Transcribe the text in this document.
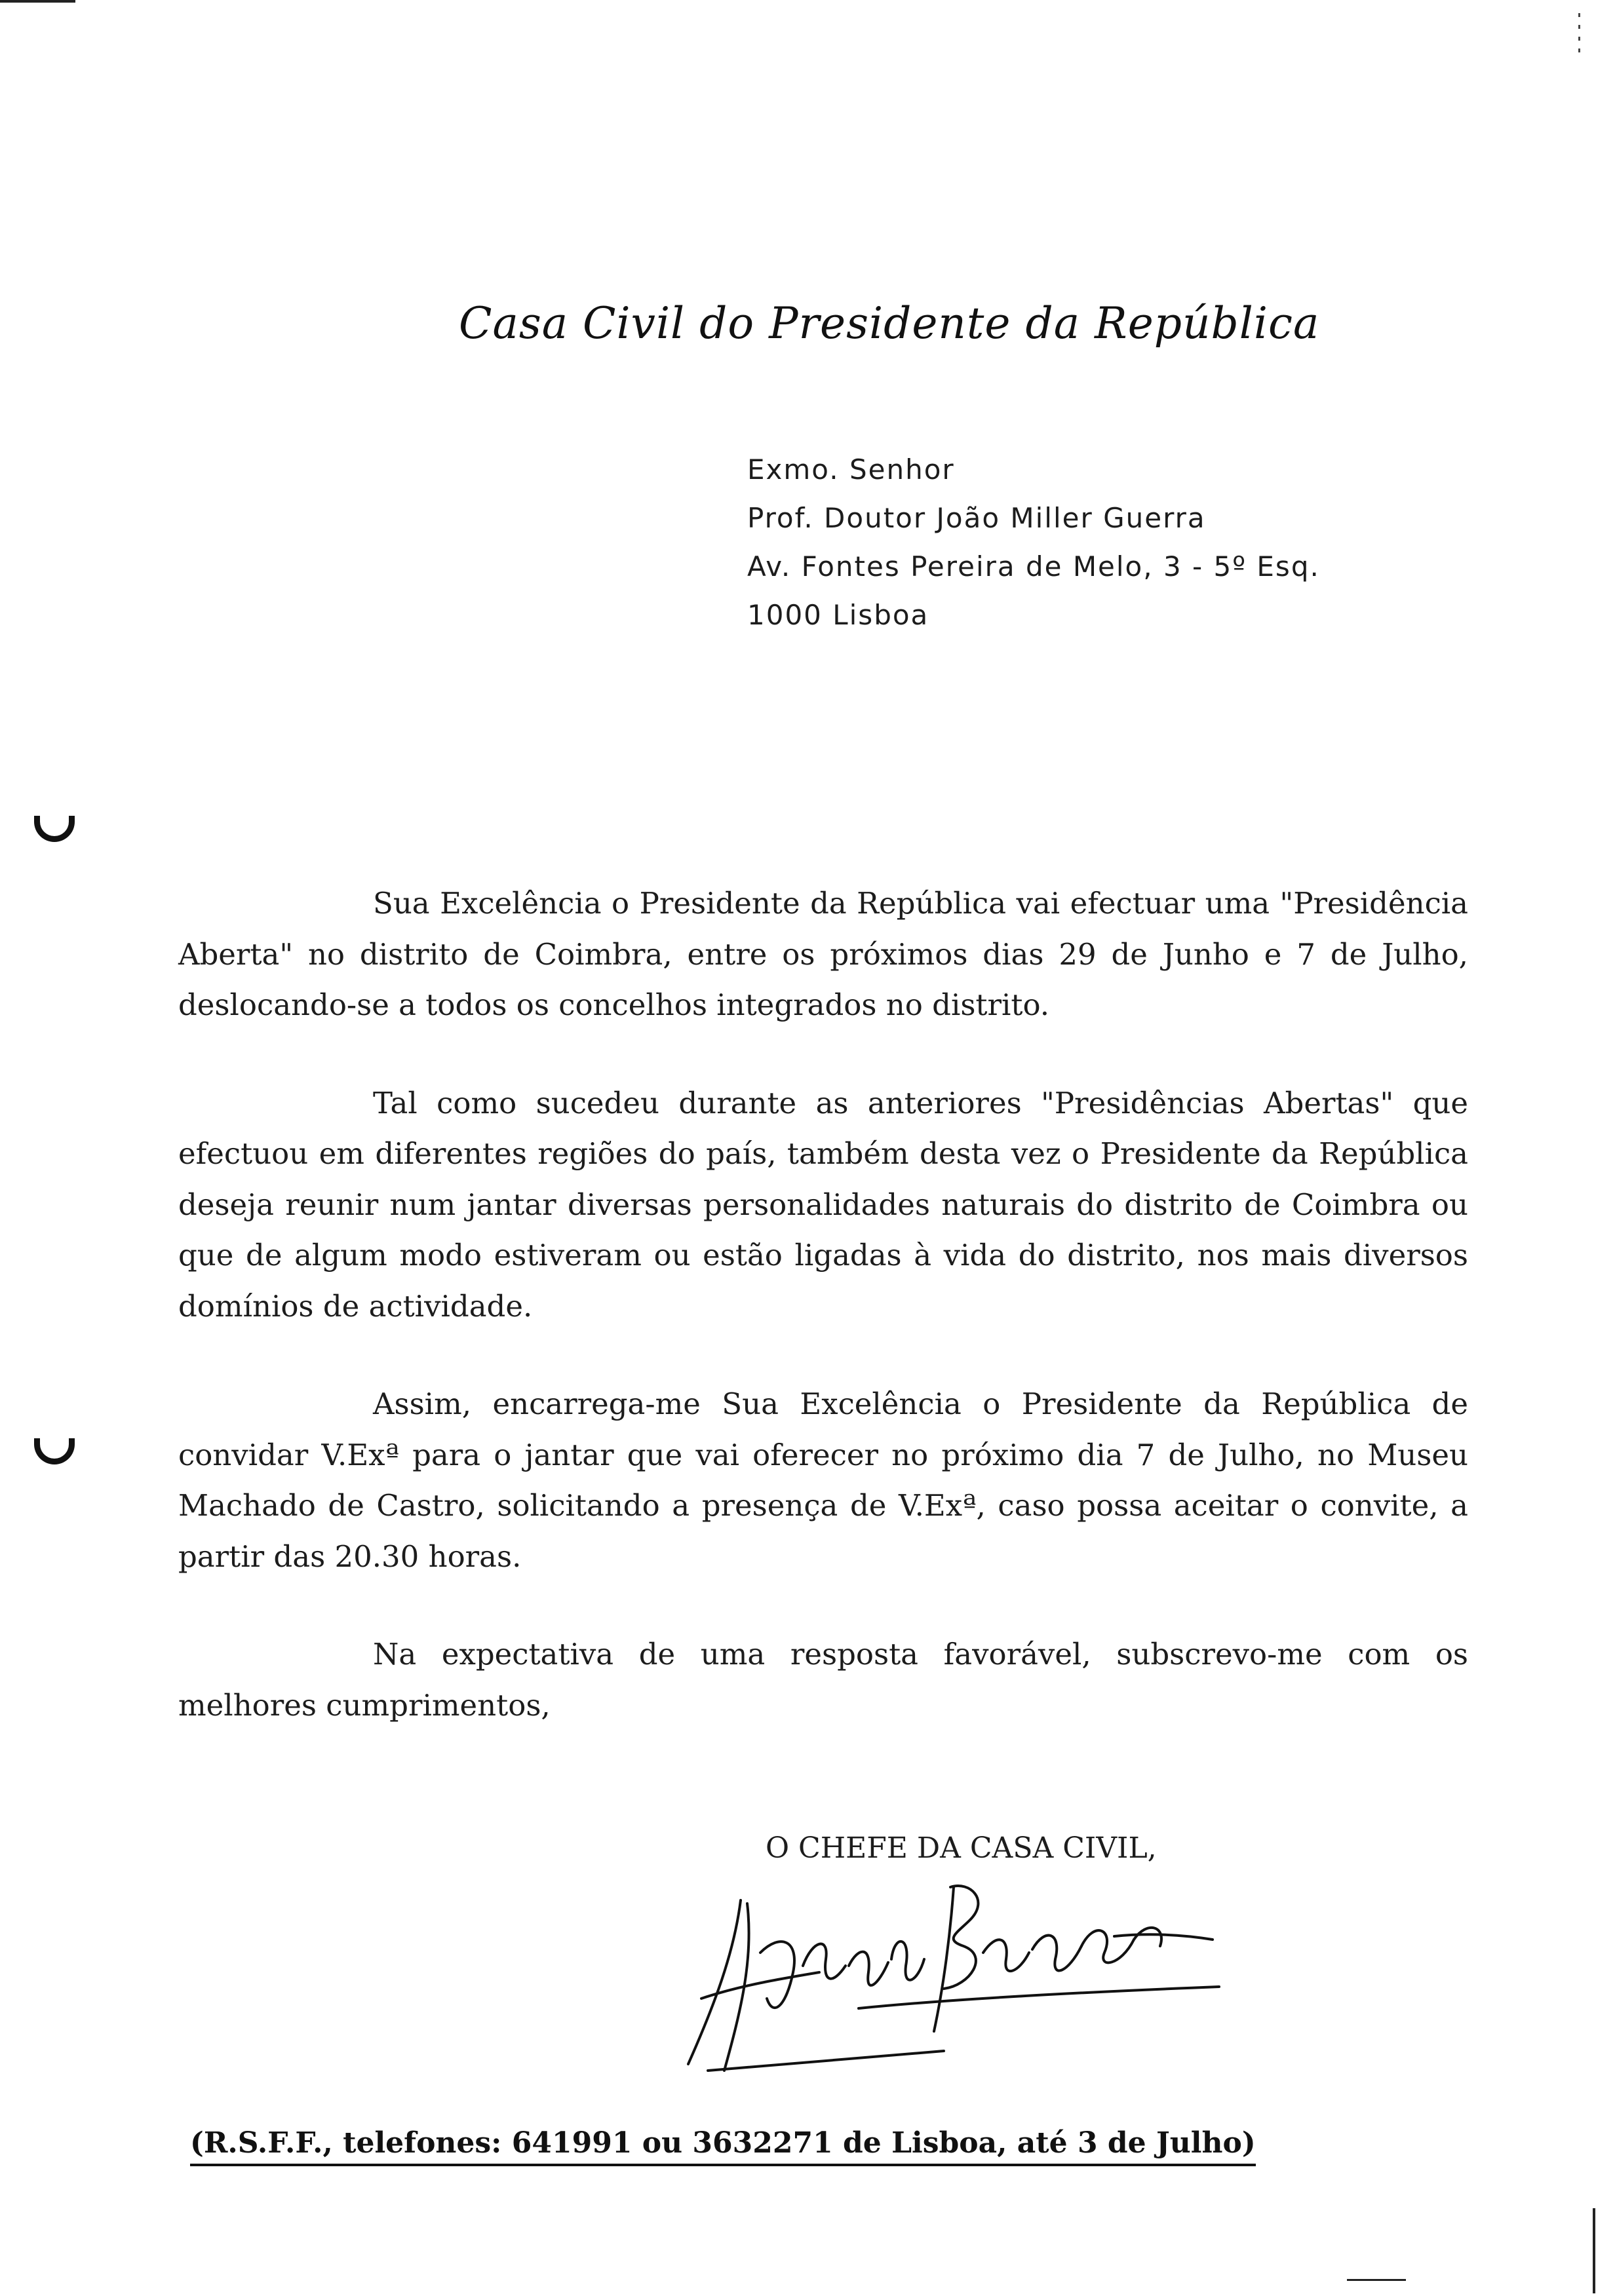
Casa Civil do Presidente da República
Exmo. Senhor
Prof. Doutor João Miller Guerra
Av. Fontes Pereira de Melo, 3 - 5º Esq.
1000 Lisboa

Sua Excelência o Presidente da República vai efectuar uma "Presidência Aberta" no distrito de Coimbra, entre os próximos dias 29 de Junho e 7 de Julho, deslocando-se a todos os concelhos integrados no distrito.

Tal como sucedeu durante as anteriores "Presidências Abertas" que efectuou em diferentes regiões do país, também desta vez o Presidente da República deseja reunir num jantar diversas personalidades naturais do distrito de Coimbra ou que de algum modo estiveram ou estão ligadas à vida do distrito, nos mais diversos domínios de actividade.

Assim, encarrega-me Sua Excelência o Presidente da República de convidar V.Exª para o jantar que vai oferecer no próximo dia 7 de Julho, no Museu Machado de Castro, solicitando a presença de V.Exª, caso possa aceitar o convite, a partir das 20.30 horas.

Na expectativa de uma resposta favorável, subscrevo-me com os melhores cumprimentos,

O CHEFE DA CASA CIVIL,
(R.S.F.F., telefones: 641991 ou 3632271 de Lisboa, até 3 de Julho)
